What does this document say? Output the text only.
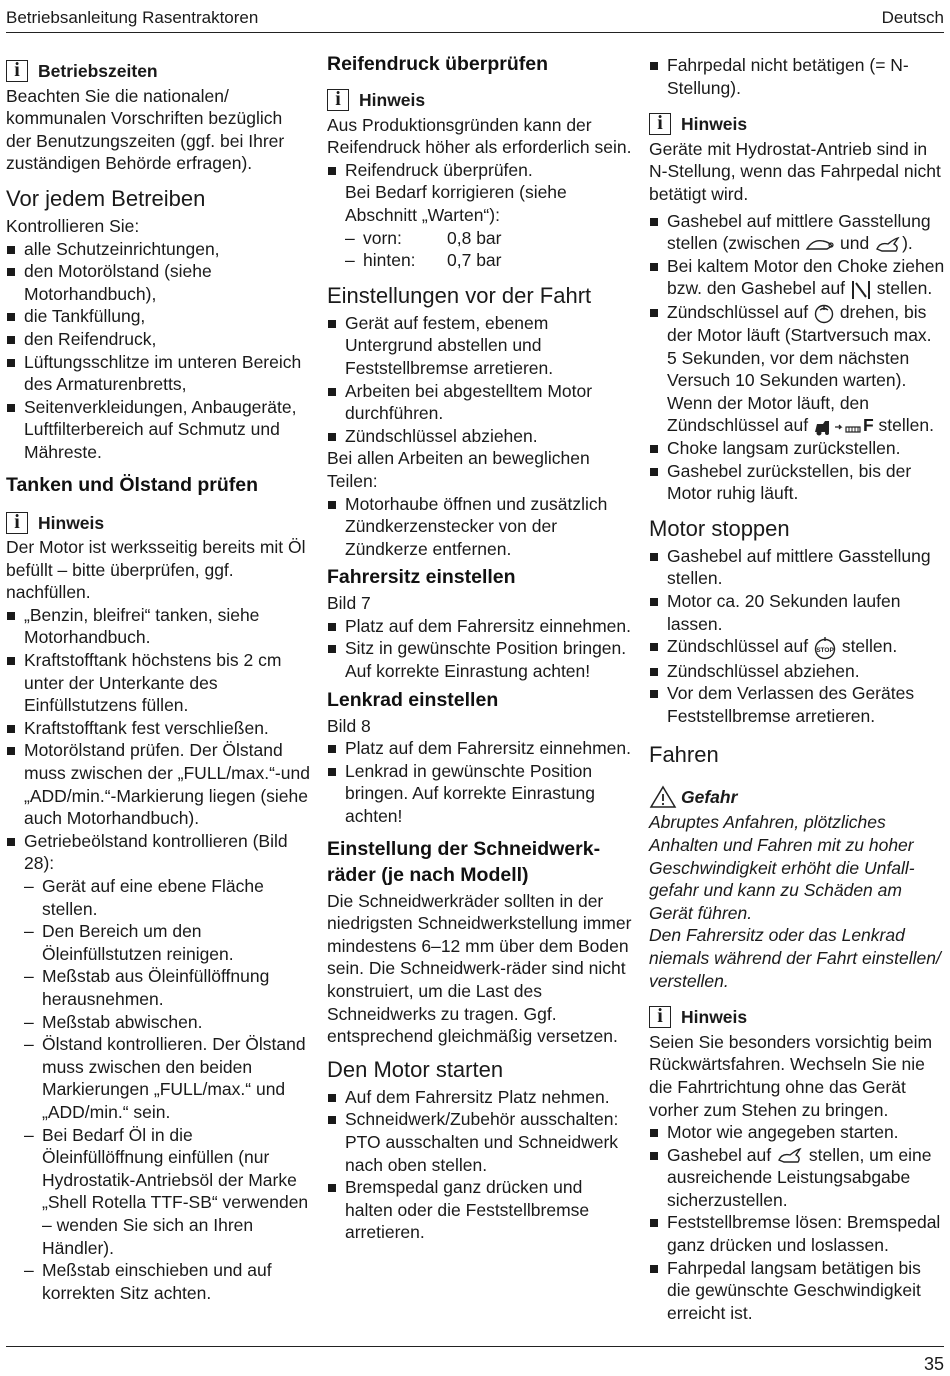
Betriebsanleitung Rasentraktoren	Deutsch
i	Betriebszeiten

Beachten Sie die nationalen/ kommunalen Vorschriften bezüglich der Benutzungszeiten (ggf. bei Ihrer zuständigen Behörde erfragen).

Vor jedem Betreiben

Kontrollieren Sie:

alle Schutzeinrichtungen,
den Motorölstand (siehe Motorhandbuch),
die Tankfüllung,
den Reifendruck,
Lüftungsschlitze im unteren Bereich des Armaturenbretts,
Seitenverkleidungen, Anbaugeräte, Luftfilterbereich auf Schmutz und Mähreste.
Tanken und Ölstand prüfen
i	Hinweis

Der Motor ist werksseitig bereits mit Öl befüllt – bitte überprüfen, ggf. nachfüllen.

„Benzin, bleifrei“ tanken, siehe Motorhandbuch.
Kraftstofftank höchstens bis 2 cm unter der Unterkante des Einfüllstutzens füllen.
Kraftstofftank fest verschließen.
Motorölstand prüfen. Der Ölstand muss zwischen der „FULL/max.“-und „ADD/min.“-Markierung liegen (siehe auch Motorhandbuch).
Getriebeölstand kontrollieren (Bild 28):
– Gerät auf eine ebene Fläche stellen.
– Den Bereich um den Öleinfüllstutzen reinigen.
– Meßstab aus Öleinfüllöffnung herausnehmen.
– Meßstab abwischen.
– Ölstand kontrollieren. Der Ölstand muss zwischen den beiden Markierungen „FULL/max.“ und „ADD/min.“ sein.
– Bei Bedarf Öl in die Öleinfüllöffnung einfüllen (nur Hydrostatik-Antriebsöl der Marke „Shell Rotella TTF-SB“ verwenden – wenden Sie sich an Ihren Händler).
– Meßstab einschieben und auf korrekten Sitz achten.
Reifendruck überprüfen
i	Hinweis

Aus Produktionsgründen kann der Reifendruck höher als erforderlich sein.

Reifendruck überprüfen.
Bei Bedarf korrigieren (siehe Abschnitt „Warten“):
– vorn:	0,8 bar
– hinten: 0,7 bar
Einstellungen vor der Fahrt
Gerät auf festem, ebenem Untergrund abstellen und Feststellbremse arretieren.
Arbeiten bei abgestelltem Motor durchführen.
Zündschlüssel abziehen.

Bei allen Arbeiten an beweglichen Teilen:

Motorhaube öffnen und zusätzlich Zündkerzenstecker von der Zündkerze entfernen.
Fahrersitz einstellen

Bild 7

Platz auf dem Fahrersitz einnehmen.
Sitz in gewünschte Position bringen. Auf korrekte Einrastung achten!
Lenkrad einstellen

Bild 8

Platz auf dem Fahrersitz einnehmen.
Lenkrad in gewünschte Position bringen. Auf korrekte Einrastung achten!
Einstellung der Schneidwerk-räder (je nach Modell)

Die Schneidwerkräder sollten in der niedrigsten Schneidwerkstellung immer mindestens 6–12 mm über dem Boden sein. Die Schneidwerk-räder sind nicht konstruiert, um die Last des Schneidwerks zu tragen. Ggf. entsprechend gleichmäßig versetzen.

Den Motor starten
Auf dem Fahrersitz Platz nehmen.
Schneidwerk/Zubehör ausschalten: PTO ausschalten und Schneidwerk nach oben stellen.
Bremspedal ganz drücken und halten oder die Feststellbremse arretieren.
Fahrpedal nicht betätigen (= N-Stellung).
i	Hinweis

Geräte mit Hydrostat-Antrieb sind in N-Stellung, wenn das Fahrpedal nicht betätigt wird.

Gashebel auf mittlere Gasstellung stellen (zwischen und ).
Bei kaltem Motor den Choke ziehen bzw. den Gashebel auf stellen.
Zündschlüssel auf drehen, bis der Motor läuft (Startversuch max. 5 Sekunden, vor dem nächsten Versuch 10 Sekunden warten). Wenn der Motor läuft, den Zündschlüssel auf	F stellen.
Choke langsam zurückstellen.
Gashebel zurückstellen, bis der Motor ruhig läuft.
Motor stoppen
Gashebel auf mittlere Gasstellung stellen.
Motor ca. 20 Sekunden laufen lassen.
Zündschlüssel auf STOP stellen.
Zündschlüssel abziehen.
Vor dem Verlassen des Gerätes Feststellbremse arretieren.
Fahren
Gefahr

Abruptes Anfahren, plötzliches Anhalten und Fahren mit zu hoher Geschwindigkeit erhöht die Unfall-gefahr und kann zu Schäden am Gerät führen.

Den Fahrersitz oder das Lenkrad niemals während der Fahrt einstellen/ verstellen.

i	Hinweis

Seien Sie besonders vorsichtig beim Rückwärtsfahren. Wechseln Sie nie die Fahrtrichtung ohne das Gerät vorher zum Stehen zu bringen.

Motor wie angegeben starten.
Gashebel auf stellen, um eine ausreichende Leistungsabgabe sicherzustellen.
Feststellbremse lösen: Bremspedal ganz drücken und loslassen.
Fahrpedal langsam betätigen bis die gewünschte Geschwindigkeit erreicht ist.
35
